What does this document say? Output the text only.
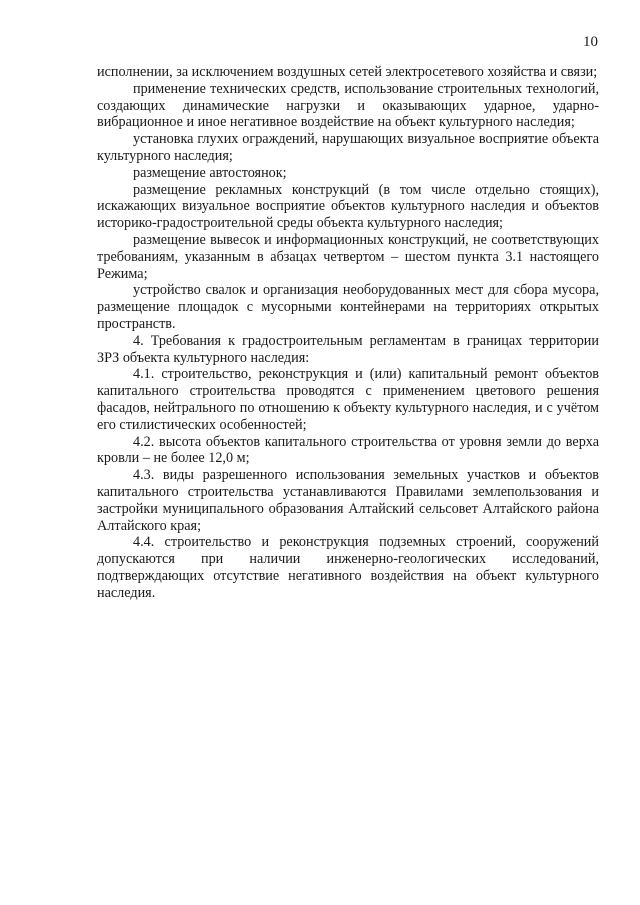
10

исполнении, за исключением воздушных сетей электросетевого хозяйства и связи;

применение технических средств, использование строительных технологий, создающих динамические нагрузки и оказывающих ударное, ударно-вибрационное и иное негативное воздействие на объект культурного наследия;

установка глухих ограждений, нарушающих визуальное восприятие объекта культурного наследия;

размещение автостоянок;

размещение рекламных конструкций (в том числе отдельно стоящих), искажающих визуальное восприятие объектов культурного наследия и объектов историко-градостроительной среды объекта культурного наследия;

размещение вывесок и информационных конструкций, не соответствующих требованиям, указанным в абзацах четвертом – шестом пункта 3.1 настоящего Режима;

устройство свалок и организация необорудованных мест для сбора мусора, размещение площадок с мусорными контейнерами на территориях открытых пространств.

4. Требования к градостроительным регламентам в границах территории ЗРЗ объекта культурного наследия:

4.1. строительство, реконструкция и (или) капитальный ремонт объектов капитального строительства проводятся с применением цветового решения фасадов, нейтрального по отношению к объекту культурного наследия, и с учётом его стилистических особенностей;

4.2. высота объектов капитального строительства от уровня земли до верха кровли – не более 12,0 м;

4.3. виды разрешенного использования земельных участков и объектов капитального строительства устанавливаются Правилами землепользования и застройки муниципального образования Алтайский сельсовет Алтайского района Алтайского края;

4.4. строительство и реконструкция подземных строений, сооружений допускаются при наличии инженерно-геологических исследований, подтверждающих отсутствие негативного воздействия на объект культурного наследия.
